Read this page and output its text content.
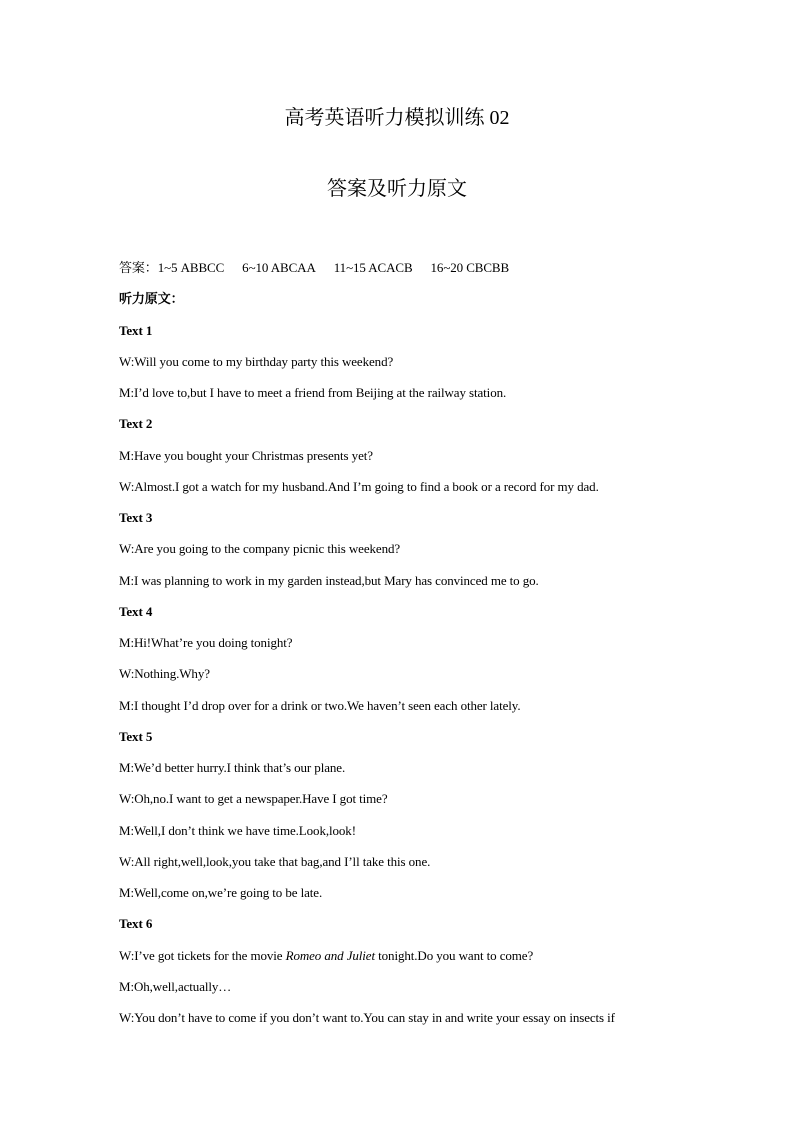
高考英语听力模拟训练 02
答案及听力原文
答案：1~5 ABBCC 6~10 ABCAA 11~15 ACACB 16~20 CBCBB
听力原文：
Text 1
W:Will you come to my birthday party this weekend?
M:I’d love to,but I have to meet a friend from Beijing at the railway station.
Text 2
M:Have you bought your Christmas presents yet?
W:Almost.I got a watch for my husband.And I’m going to find a book or a record for my dad.
Text 3
W:Are you going to the company picnic this weekend?
M:I was planning to work in my garden instead,but Mary has convinced me to go.
Text 4
M:Hi!What’re you doing tonight?
W:Nothing.Why?
M:I thought I’d drop over for a drink or two.We haven’t seen each other lately.
Text 5
M:We’d better hurry.I think that’s our plane.
W:Oh,no.I want to get a newspaper.Have I got time?
M:Well,I don’t think we have time.Look,look!
W:All right,well,look,you take that bag,and I’ll take this one.
M:Well,come on,we’re going to be late.
Text 6
W:I’ve got tickets for the movie Romeo and Juliet tonight.Do you want to come?
M:Oh,well,actually…
W:You don’t have to come if you don’t want to.You can stay in and write your essay on insects if
